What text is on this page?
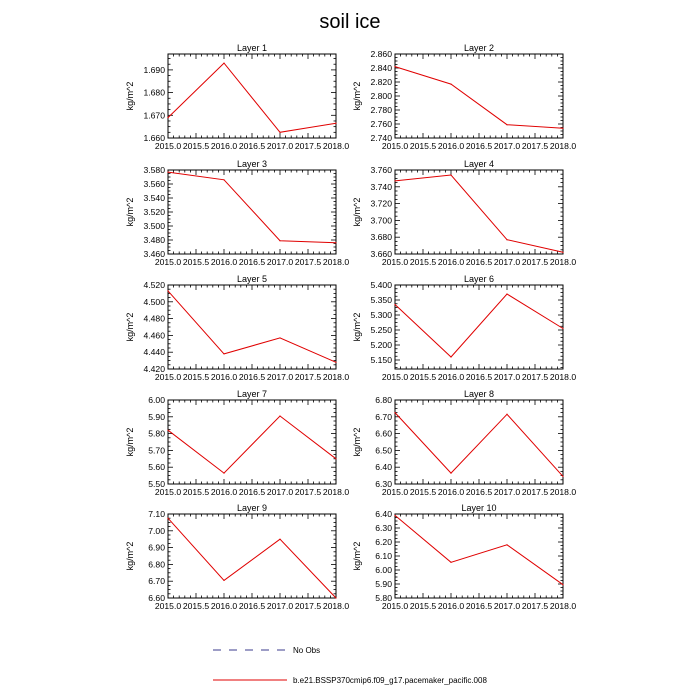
soil ice
Layer 1
2015.0 2015.5 2016.0 2016.5 2017.0 2017.5 2018.0
1.660
1.670
1.680
1.690
kg/m^2
Layer 2
2015.0 2015.5 2016.0 2016.5 2017.0 2017.5 2018.0
2.740
2.760
2.780
2.800
2.820
2.840
2.860
kg/m^2
Layer 3
2015.0 2015.5 2016.0 2016.5 2017.0 2017.5 2018.0
3.460
3.480
3.500
3.520
3.540
3.560
3.580
kg/m^2
Layer 4
2015.0 2015.5 2016.0 2016.5 2017.0 2017.5 2018.0
3.660
3.680
3.700
3.720
3.740
3.760
kg/m^2
Layer 5
2015.0 2015.5 2016.0 2016.5 2017.0 2017.5 2018.0
4.420
4.440
4.460
4.480
4.500
4.520
kg/m^2
Layer 6
2015.0 2015.5 2016.0 2016.5 2017.0 2017.5 2018.0
5.150
5.200
5.250
5.300
5.350
5.400
kg/m^2
Layer 7
2015.0 2015.5 2016.0 2016.5 2017.0 2017.5 2018.0
5.50
5.60
5.70
5.80
5.90
6.00
kg/m^2
Layer 8
2015.0 2015.5 2016.0 2016.5 2017.0 2017.5 2018.0
6.30
6.40
6.50
6.60
6.70
6.80
kg/m^2
Layer 9
2015.0 2015.5 2016.0 2016.5 2017.0 2017.5 2018.0
6.60
6.70
6.80
6.90
7.00
7.10
kg/m^2
Layer 10
2015.0 2015.5 2016.0 2016.5 2017.0 2017.5 2018.0
5.80
5.90
6.00
6.10
6.20
6.30
6.40
kg/m^2
No Obs
b.e21.BSSP370cmip6.f09_g17.pacemaker_pacific.008
